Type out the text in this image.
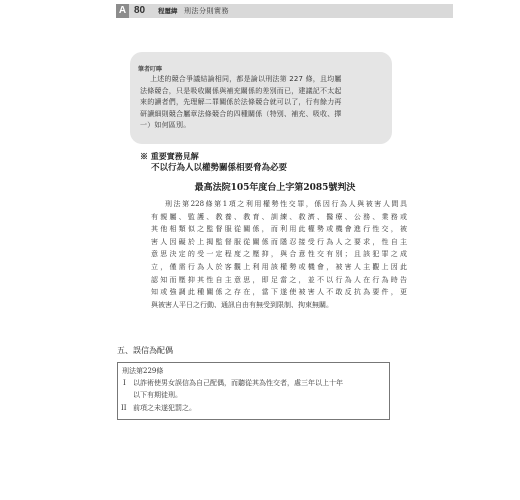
A 80 程璽緯 刑法分則實務
筆者叮嚀

上述的競合爭議結論相同，都是論以刑法第 227 條，且均屬

法條競合，只是吸收關係與補充關係的差別而已，建議記不太起

來的讀者們，先理解二罪關係於法條競合就可以了，行有餘力再

研讀細則競合屬章法條競合的四種關係（特別、補充、吸收、擇

一）如何區別。

※ 重要實務見解
不以行為人以權勢關係相要脅為必要
最高法院105年度台上字第2085號判決
刑法第228條第1項之利用權勢性交罪，係因行為人與被害人間具
有親屬、監護、教養、教育、訓練、救濟、醫療、公務、業務或
其他相類似之監督服從關係，而利用此權勢或機會進行性交，被
害人因礙於上揭監督服從關係而隱忍接受行為人之要求，性自主
意思決定的受一定程度之壓抑，與合意性交有別；且該犯罪之成
立，僅需行為人於客觀上利用該權勢或機會，被害人主觀上因此
認知而壓抑其性自主意思，即足當之，並不以行為人在行為時告
知或強調此種關係之存在，當下遂使被害人不敢反抗為要件，更
與被害人平日之行動、通訊自由有無受到限制、拘束無關。
五、誤信為配偶
刑法第229條
I 以詐術使男女誤信為自己配偶，而聽從其為性交者，處三年以上十年
以下有期徒刑。
II 前項之未遂犯罰之。
